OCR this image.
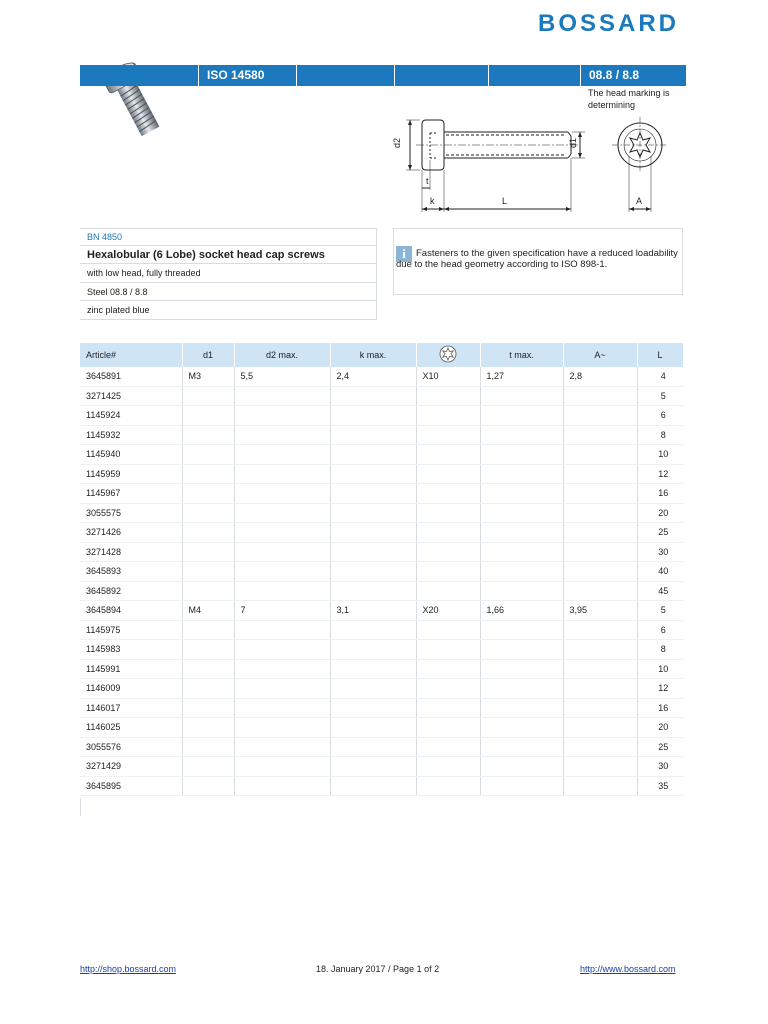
BOSSARD
ISO 14580	08.8 / 8.8
The head marking is determining
d2	d1
t
k	L	A
BN 4850
Hexalobular (6 Lobe) socket head cap screws
with low head, fully threaded
Steel 08.8 / 8.8
zinc plated blue
i	Fasteners to the given specification have a reduced loadability due to the head geometry according to ISO 898-1.
Article#	d1	d2 max.	k max.		t max.	A~	L
3645891	M3	5,5	2,4	X10	1,27	2,8	4
3271425							5
1145924							6
1145932							8
1145940							10
1145959							12
1145967							16
3055575							20
3271426							25
3271428							30
3645893							40
3645892							45
3645894	M4	7	3,1	X20	1,66	3,95	5
1145975							6
1145983							8
1145991							10
1146009							12
1146017							16
1146025							20
3055576							25
3271429							30
3645895							35
http://shop.bossard.com	18. January 2017 / Page 1 of 2	http://www.bossard.com
